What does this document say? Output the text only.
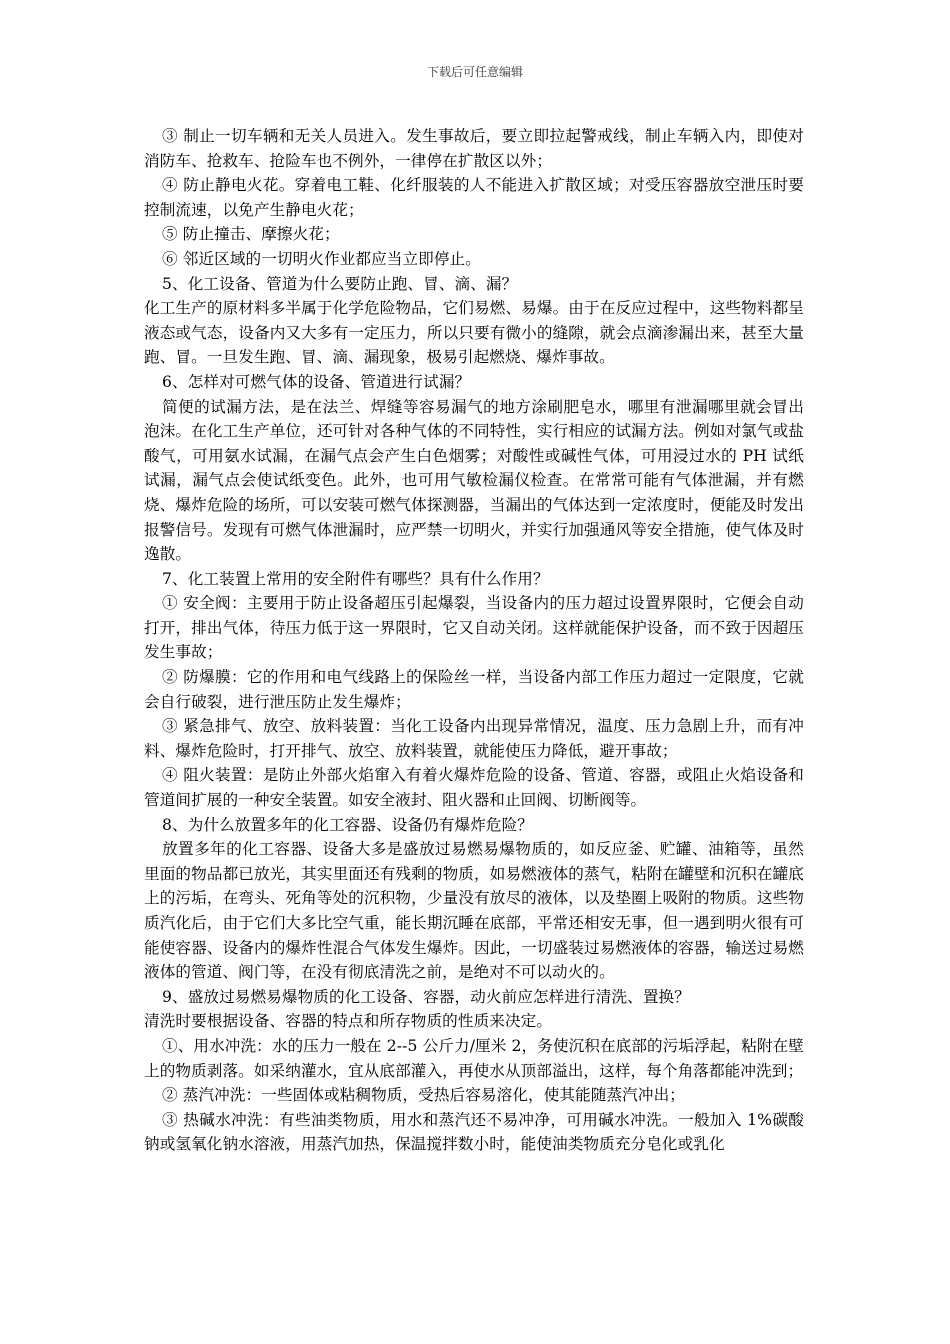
下载后可任意编辑

③ 制止一切车辆和无关人员进入。发生事故后，要立即拉起警戒线，制止车辆入内，即使对消防车、抢救车、抢险车也不例外，一律停在扩散区以外；

④ 防止静电火花。穿着电工鞋、化纤服装的人不能进入扩散区域；对受压容器放空泄压时要控制流速，以免产生静电火花；

⑤ 防止撞击、摩擦火花；

⑥ 邻近区域的一切明火作业都应当立即停止。

5、化工设备、管道为什么要防止跑、冒、滴、漏？

化工生产的原材料多半属于化学危险物品，它们易燃、易爆。由于在反应过程中，这些物料都呈液态或气态，设备内又大多有一定压力，所以只要有微小的缝隙，就会点滴渗漏出来，甚至大量跑、冒。一旦发生跑、冒、滴、漏现象，极易引起燃烧、爆炸事故。

6、怎样对可燃气体的设备、管道进行试漏？

简便的试漏方法，是在法兰、焊缝等容易漏气的地方涂刷肥皂水，哪里有泄漏哪里就会冒出泡沫。在化工生产单位，还可针对各种气体的不同特性，实行相应的试漏方法。例如对氯气或盐酸气，可用氨水试漏，在漏气点会产生白色烟雾；对酸性或碱性气体，可用浸过水的 PH 试纸试漏，漏气点会使试纸变色。此外，也可用气敏检漏仪检查。在常常可能有气体泄漏，并有燃烧、爆炸危险的场所，可以安装可燃气体探测器，当漏出的气体达到一定浓度时，便能及时发出报警信号。发现有可燃气体泄漏时，应严禁一切明火，并实行加强通风等安全措施，使气体及时逸散。

7、化工装置上常用的安全附件有哪些？具有什么作用？

① 安全阀：主要用于防止设备超压引起爆裂，当设备内的压力超过设置界限时，它便会自动打开，排出气体，待压力低于这一界限时，它又自动关闭。这样就能保护设备，而不致于因超压发生事故；

② 防爆膜：它的作用和电气线路上的保险丝一样，当设备内部工作压力超过一定限度，它就会自行破裂，进行泄压防止发生爆炸；

③ 紧急排气、放空、放料装置：当化工设备内出现异常情况，温度、压力急剧上升，而有冲料、爆炸危险时，打开排气、放空、放料装置，就能使压力降低，避开事故；

④ 阻火装置：是防止外部火焰窜入有着火爆炸危险的设备、管道、容器，或阻止火焰设备和管道间扩展的一种安全装置。如安全液封、阻火器和止回阀、切断阀等。

8、为什么放置多年的化工容器、设备仍有爆炸危险？

放置多年的化工容器、设备大多是盛放过易燃易爆物质的，如反应釜、贮罐、油箱等，虽然里面的物品都已放光，其实里面还有残剩的物质，如易燃液体的蒸气，粘附在罐壁和沉积在罐底上的污垢，在弯头、死角等处的沉积物，少量没有放尽的液体，以及垫圈上吸附的物质。这些物质汽化后，由于它们大多比空气重，能长期沉睡在底部，平常还相安无事，但一遇到明火很有可能使容器、设备内的爆炸性混合气体发生爆炸。因此，一切盛装过易燃液体的容器，输送过易燃液体的管道、阀门等，在没有彻底清洗之前，是绝对不可以动火的。

9、盛放过易燃易爆物质的化工设备、容器，动火前应怎样进行清洗、置换？

清洗时要根据设备、容器的特点和所存物质的性质来决定。

①、用水冲洗：水的压力一般在 2--5 公斤力/厘米 2，务使沉积在底部的污垢浮起，粘附在壁上的物质剥落。如采纳灌水，宜从底部灌入，再使水从顶部溢出，这样，每个角落都能冲洗到；

② 蒸汽冲洗：一些固体或粘稠物质，受热后容易溶化，使其能随蒸汽冲出；

③ 热碱水冲洗：有些油类物质，用水和蒸汽还不易冲净，可用碱水冲洗。一般加入 1%碳酸钠或氢氧化钠水溶液，用蒸汽加热，保温搅拌数小时，能使油类物质充分皂化或乳化
